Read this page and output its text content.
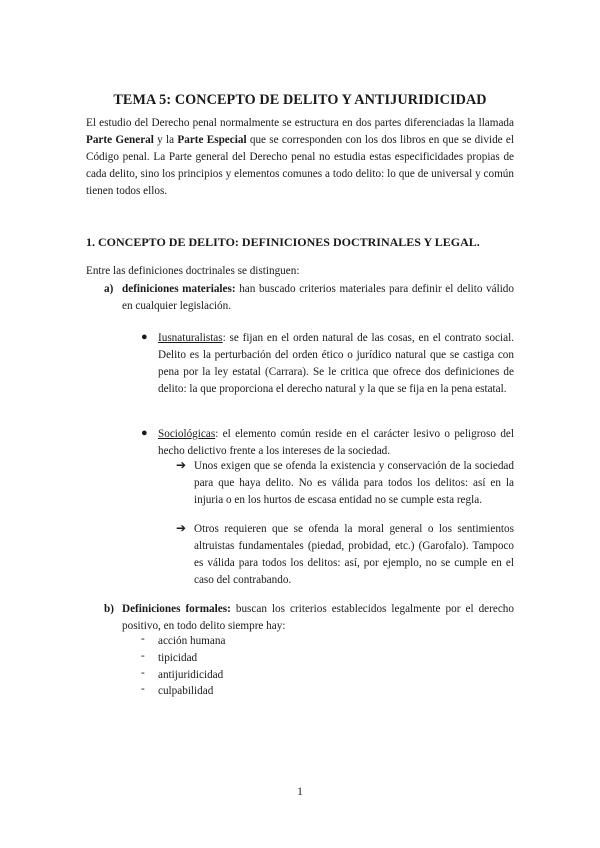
TEMA 5: CONCEPTO DE DELITO Y ANTIJURIDICIDAD
El estudio del Derecho penal normalmente se estructura en dos partes diferenciadas la llamada Parte General y la Parte Especial que se corresponden con los dos libros en que se divide el Código penal. La Parte general del Derecho penal no estudia estas especificidades propias de cada delito, sino los principios y elementos comunes a todo delito: lo que de universal y común tienen todos ellos.
1. CONCEPTO DE DELITO: DEFINICIONES DOCTRINALES Y LEGAL.
Entre las definiciones doctrinales se distinguen:
a) definiciones materiales: han buscado criterios materiales para definir el delito válido en cualquier legislación.
● Iusnaturalistas: se fijan en el orden natural de las cosas, en el contrato social. Delito es la perturbación del orden ético o jurídico natural que se castiga con pena por la ley estatal (Carrara). Se le critica que ofrece dos definiciones de delito: la que proporciona el derecho natural y la que se fija en la pena estatal.
● Sociológicas: el elemento común reside en el carácter lesivo o peligroso del hecho delictivo frente a los intereses de la sociedad.
➔ Unos exigen que se ofenda la existencia y conservación de la sociedad para que haya delito. No es válida para todos los delitos: así en la injuria o en los hurtos de escasa entidad no se cumple esta regla.
➔ Otros requieren que se ofenda la moral general o los sentimientos altruistas fundamentales (piedad, probidad, etc.) (Garofalo). Tampoco es válida para todos los delitos: así, por ejemplo, no se cumple en el caso del contrabando.
b) Definiciones formales: buscan los criterios establecidos legalmente por el derecho positivo, en todo delito siempre hay:
- acción humana
- tipicidad
- antijuridicidad
- culpabilidad
1
